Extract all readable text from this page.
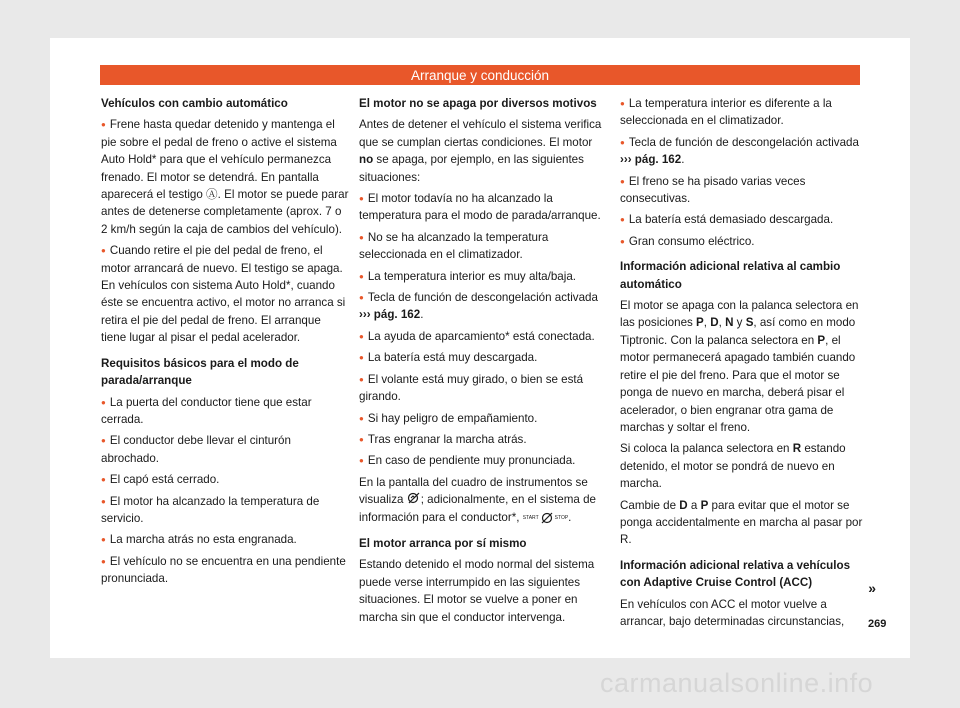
Arranque y conducción
Vehículos con cambio automático

● Frene hasta quedar detenido y mantenga el pie sobre el pedal de freno o active el sistema Auto Hold* para que el vehículo permanezca frenado. El motor se detendrá. En pantalla aparecerá el testigo Ⓐ. El motor se puede parar antes de detenerse completamente (aprox. 7 o 2 km/h según la caja de cambios del vehículo).

● Cuando retire el pie del pedal de freno, el motor arrancará de nuevo. El testigo se apaga. En vehículos con sistema Auto Hold*, cuando éste se encuentra activo, el motor no arranca si retira el pie del pedal de freno. El arranque tiene lugar al pisar el pedal acelerador.

Requisitos básicos para el modo de parada/arranque

● La puerta del conductor tiene que estar cerrada.

● El conductor debe llevar el cinturón abrochado.

● El capó está cerrado.

● El motor ha alcanzado la temperatura de servicio.

● La marcha atrás no esta engranada.

● El vehículo no se encuentra en una pendiente pronunciada.

El motor no se apaga por diversos motivos

Antes de detener el vehículo el sistema verifica que se cumplan ciertas condiciones. El motor no se apaga, por ejemplo, en las siguientes situaciones:

● El motor todavía no ha alcanzado la temperatura para el modo de parada/arranque.

● No se ha alcanzado la temperatura seleccionada en el climatizador.

● La temperatura interior es muy alta/baja.

● Tecla de función de descongelación activada ››› pág. 162.

● La ayuda de aparcamiento* está conectada.

● La batería está muy descargada.

● El volante está muy girado, o bien se está girando.

● Si hay peligro de empañamiento.

● Tras engranar la marcha atrás.

● En caso de pendiente muy pronunciada.

En la pantalla del cuadro de instrumentos se visualiza ; adicionalmente, en el sistema de información para el conductor*, START	STOP .

El motor arranca por sí mismo

Estando detenido el modo normal del sistema puede verse interrumpido en las siguientes situaciones. El motor se vuelve a poner en marcha sin que el conductor intervenga.

● La temperatura interior es diferente a la seleccionada en el climatizador.

● Tecla de función de descongelación activada ››› pág. 162.

● El freno se ha pisado varias veces consecutivas.

● La batería está demasiado descargada.

● Gran consumo eléctrico.

Información adicional relativa al cambio automático

El motor se apaga con la palanca selectora en las posiciones P, D, N y S, así como en modo Tiptronic. Con la palanca selectora en P, el motor permanecerá apagado también cuando retire el pie del freno. Para que el motor se ponga de nuevo en marcha, deberá pisar el acelerador, o bien engranar otra gama de marchas y soltar el freno.

Si coloca la palanca selectora en R estando detenido, el motor se pondrá de nuevo en marcha.

Cambie de D a P para evitar que el motor se ponga accidentalmente en marcha al pasar por R.

Información adicional relativa a vehículos con Adaptive Cruise Control (ACC)

En vehículos con ACC el motor vuelve a arrancar, bajo determinadas circunstancias,

»
269
carmanualsonline.info
